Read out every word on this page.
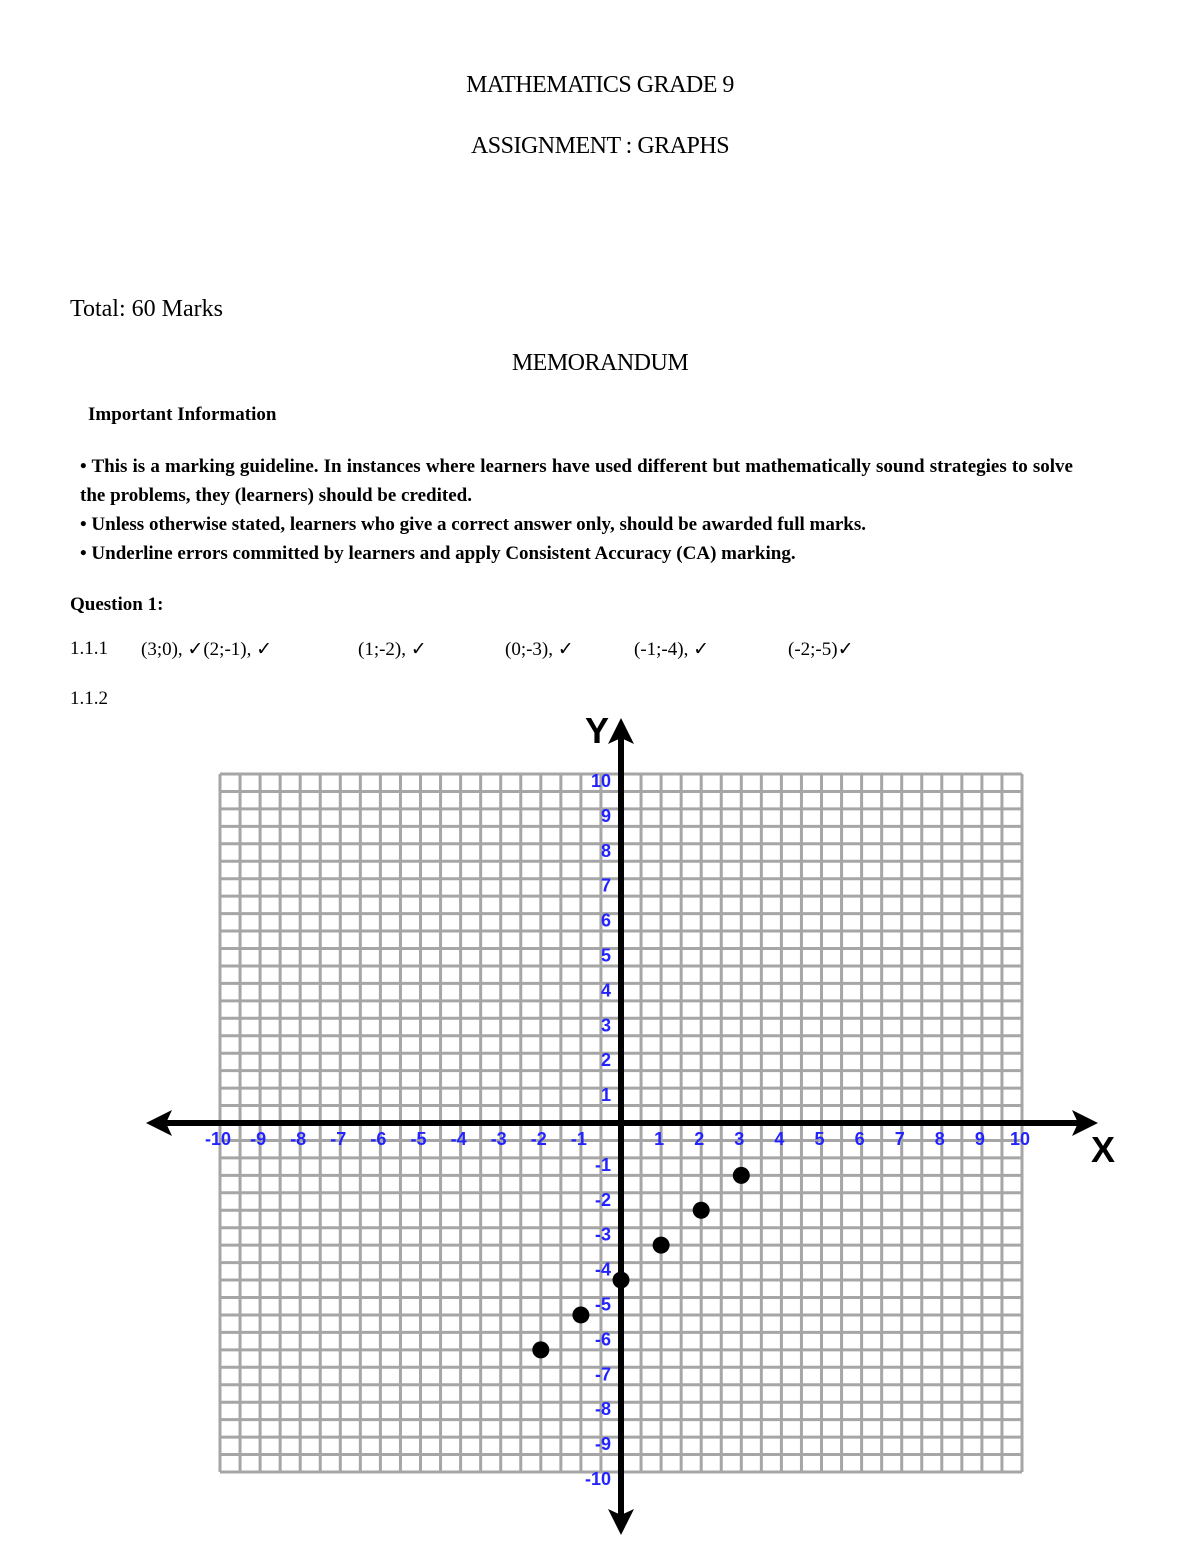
MATHEMATICS GRADE 9
ASSIGNMENT : GRAPHS
Total: 60 Marks
MEMORANDUM
Important Information

• This is a marking guideline. In instances where learners have used different but mathematically sound strategies to solve the problems, they (learners) should be credited.

• Unless otherwise stated, learners who give a correct answer only, should be awarded full marks.

• Underline errors committed by learners and apply Consistent Accuracy (CA) marking.

Question 1:
1.1.1 (3;0), ✓(2;-1), ✓	(1;-2), ✓	(0;-3), ✓	(-1;-4), ✓	(-2;-5)✓
1.1.2
X
Y
-10 -9 -8 -7 -6 -5 -4 -3 -2 -1	1 2 3 4 5 6 7 8 9 10
10
9
8
7
6
5
4
3
2
1
-1
-2
-3
-4
-5
-6
-7
-8
-9
-10
